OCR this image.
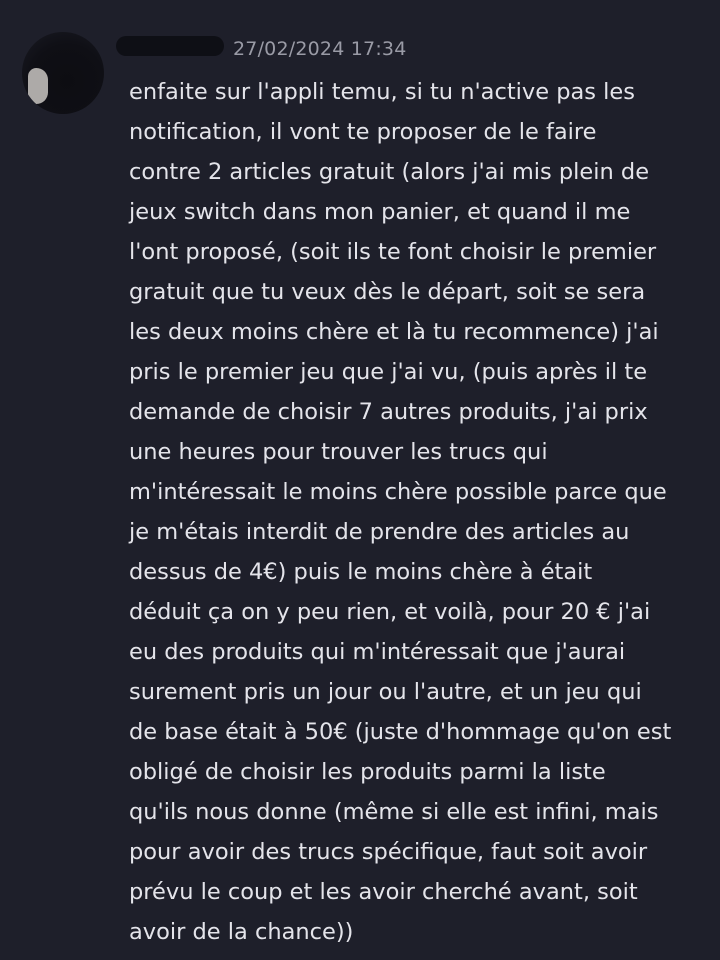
27/02/2024 17:34
enfaite sur l'appli temu, si tu n'active pas les
notification, il vont te proposer de le faire
contre 2 articles gratuit (alors j'ai mis plein de
jeux switch dans mon panier, et quand il me
l'ont proposé, (soit ils te font choisir le premier
gratuit que tu veux dès le départ, soit se sera
les deux moins chère et là tu recommence) j'ai
pris le premier jeu que j'ai vu, (puis après il te
demande de choisir 7 autres produits, j'ai prix
une heures pour trouver les trucs qui
m'intéressait le moins chère possible parce que
je m'étais interdit de prendre des articles au
dessus de 4€) puis le moins chère à était
déduit ça on y peu rien, et voilà, pour 20 € j'ai
eu des produits qui m'intéressait que j'aurai
surement pris un jour ou l'autre, et un jeu qui
de base était à 50€ (juste d'hommage qu'on est
obligé de choisir les produits parmi la liste
qu'ils nous donne (même si elle est infini, mais
pour avoir des trucs spécifique, faut soit avoir
prévu le coup et les avoir cherché avant, soit
avoir de la chance))
